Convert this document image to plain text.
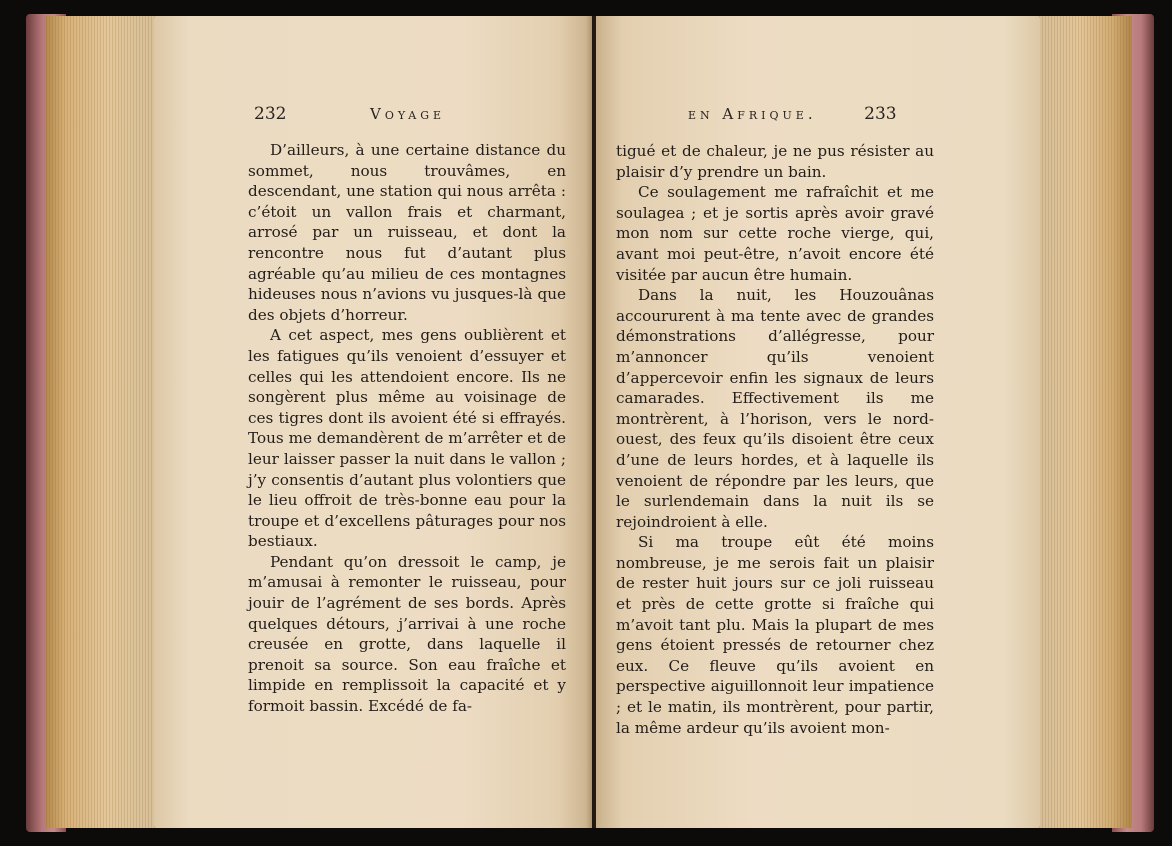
232	Voyage

D’ailleurs, à une certaine distance du sommet, nous trouvâmes, en descendant, une station qui nous arrêta : c’étoit un vallon frais et charmant, arrosé par un ruisseau, et dont la rencontre nous fut d’autant plus agréable qu’au milieu de ces montagnes hideuses nous n’avions vu jusques-là que des objets d’horreur.

A cet aspect, mes gens oublièrent et les fatigues qu’ils venoient d’essuyer et celles qui les attendoient encore. Ils ne songèrent plus même au voisinage de ces tigres dont ils avoient été si effrayés. Tous me demandèrent de m’arrêter et de leur laisser passer la nuit dans le vallon ; j’y consentis d’autant plus volontiers que le lieu offroit de très-bonne eau pour la troupe et d’excellens pâturages pour nos bestiaux.

Pendant qu’on dressoit le camp, je m’amusai à remonter le ruisseau, pour jouir de l’agrément de ses bords. Après quelques détours, j’arrivai à une roche creusée en grotte, dans laquelle il prenoit sa source. Son eau fraîche et limpide en remplissoit la capacité et y formoit bassin. Excédé de fa-

en Afrique.	233

tigué et de chaleur, je ne pus résister au plaisir d’y prendre un bain.

Ce soulagement me rafraîchit et me soulagea ; et je sortis après avoir gravé mon nom sur cette roche vierge, qui, avant moi peut-être, n’avoit encore été visitée par aucun être humain.

Dans la nuit, les Houzouânas accoururent à ma tente avec de grandes démonstrations d’allégresse, pour m’annoncer qu’ils venoient d’appercevoir enfin les signaux de leurs camarades. Effectivement ils me montrèrent, à l’horison, vers le nord-ouest, des feux qu’ils disoient être ceux d’une de leurs hordes, et à laquelle ils venoient de répondre par les leurs, que le surlendemain dans la nuit ils se rejoindroient à elle.

Si ma troupe eût été moins nombreuse, je me serois fait un plaisir de rester huit jours sur ce joli ruisseau et près de cette grotte si fraîche qui m’avoit tant plu. Mais la plupart de mes gens étoient pressés de retourner chez eux. Ce fleuve qu’ils avoient en perspective aiguillonnoit leur impatience ; et le matin, ils montrèrent, pour partir, la même ardeur qu’ils avoient mon-
